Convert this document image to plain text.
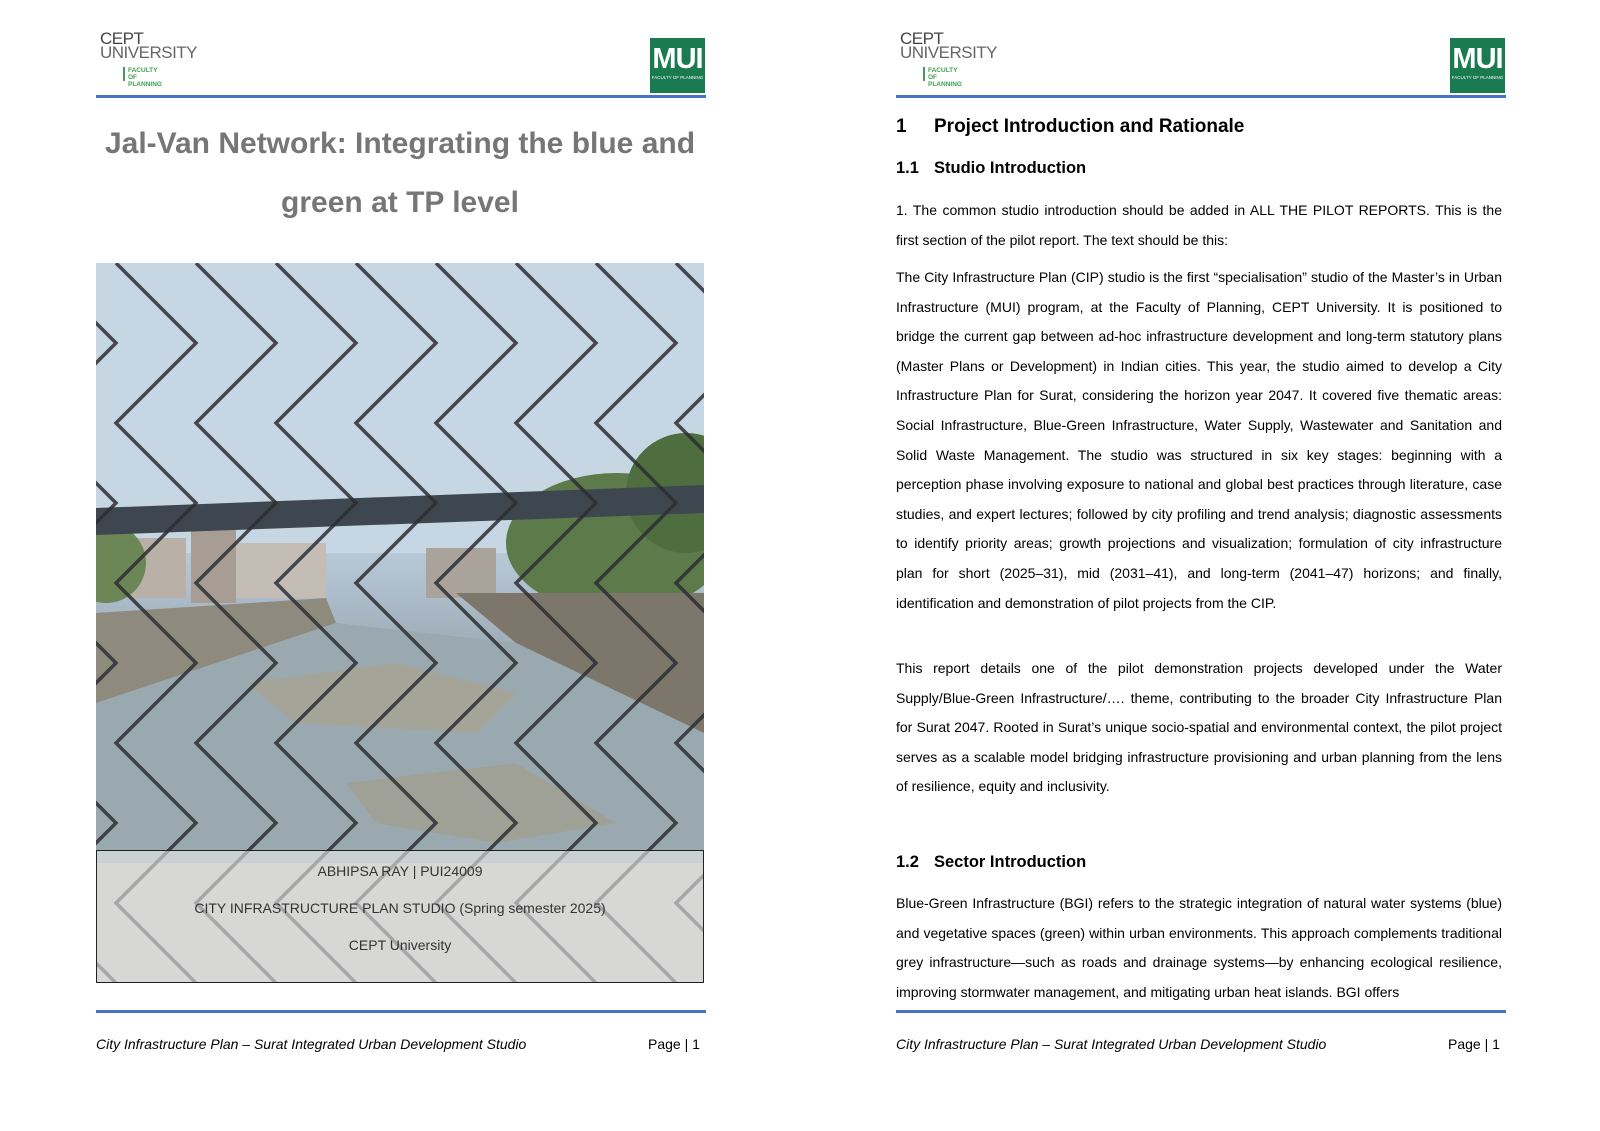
CEPT
UNIVERSITY
FACULTY OF PLANNING
MUI
FACULTY OF PLANNING
Jal-Van Network: Integrating the blue and green at TP level
ABHIPSA RAY | PUI24009
CITY INFRASTRUCTURE PLAN STUDIO (Spring semester 2025)
CEPT University
City Infrastructure Plan – Surat Integrated Urban Development Studio	Page | 1
CEPT
UNIVERSITY
FACULTY OF PLANNING
MUI
FACULTY OF PLANNING
City Infrastructure Plan – Surat Integrated Urban Development Studio	Page | 1
1 Project Introduction and Rationale
1.1 Studio Introduction
1. The common studio introduction should be added in ALL THE PILOT REPORTS. This is the first section of the pilot report. The text should be this:
The City Infrastructure Plan (CIP) studio is the first “specialisation” studio of the Master’s in Urban Infrastructure (MUI) program, at the Faculty of Planning, CEPT University. It is positioned to bridge the current gap between ad-hoc infrastructure development and long-term statutory plans (Master Plans or Development) in Indian cities. This year, the studio aimed to develop a City Infrastructure Plan for Surat, considering the horizon year 2047. It covered five thematic areas: Social Infrastructure, Blue-Green Infrastructure, Water Supply, Wastewater and Sanitation and Solid Waste Management. The studio was structured in six key stages: beginning with a perception phase involving exposure to national and global best practices through literature, case studies, and expert lectures; followed by city profiling and trend analysis; diagnostic assessments to identify priority areas; growth projections and visualization; formulation of city infrastructure plan for short (2025–31), mid (2031–41), and long-term (2041–47) horizons; and finally, identification and demonstration of pilot projects from the CIP.
This report details one of the pilot demonstration projects developed under the Water Supply/Blue-Green Infrastructure/…. theme, contributing to the broader City Infrastructure Plan for Surat 2047. Rooted in Surat’s unique socio-spatial and environmental context, the pilot project serves as a scalable model bridging infrastructure provisioning and urban planning from the lens of resilience, equity and inclusivity.
1.2 Sector Introduction
Blue-Green Infrastructure (BGI) refers to the strategic integration of natural water systems (blue) and vegetative spaces (green) within urban environments. This approach complements traditional grey infrastructure—such as roads and drainage systems—by enhancing ecological resilience, improving stormwater management, and mitigating urban heat islands. BGI offers
